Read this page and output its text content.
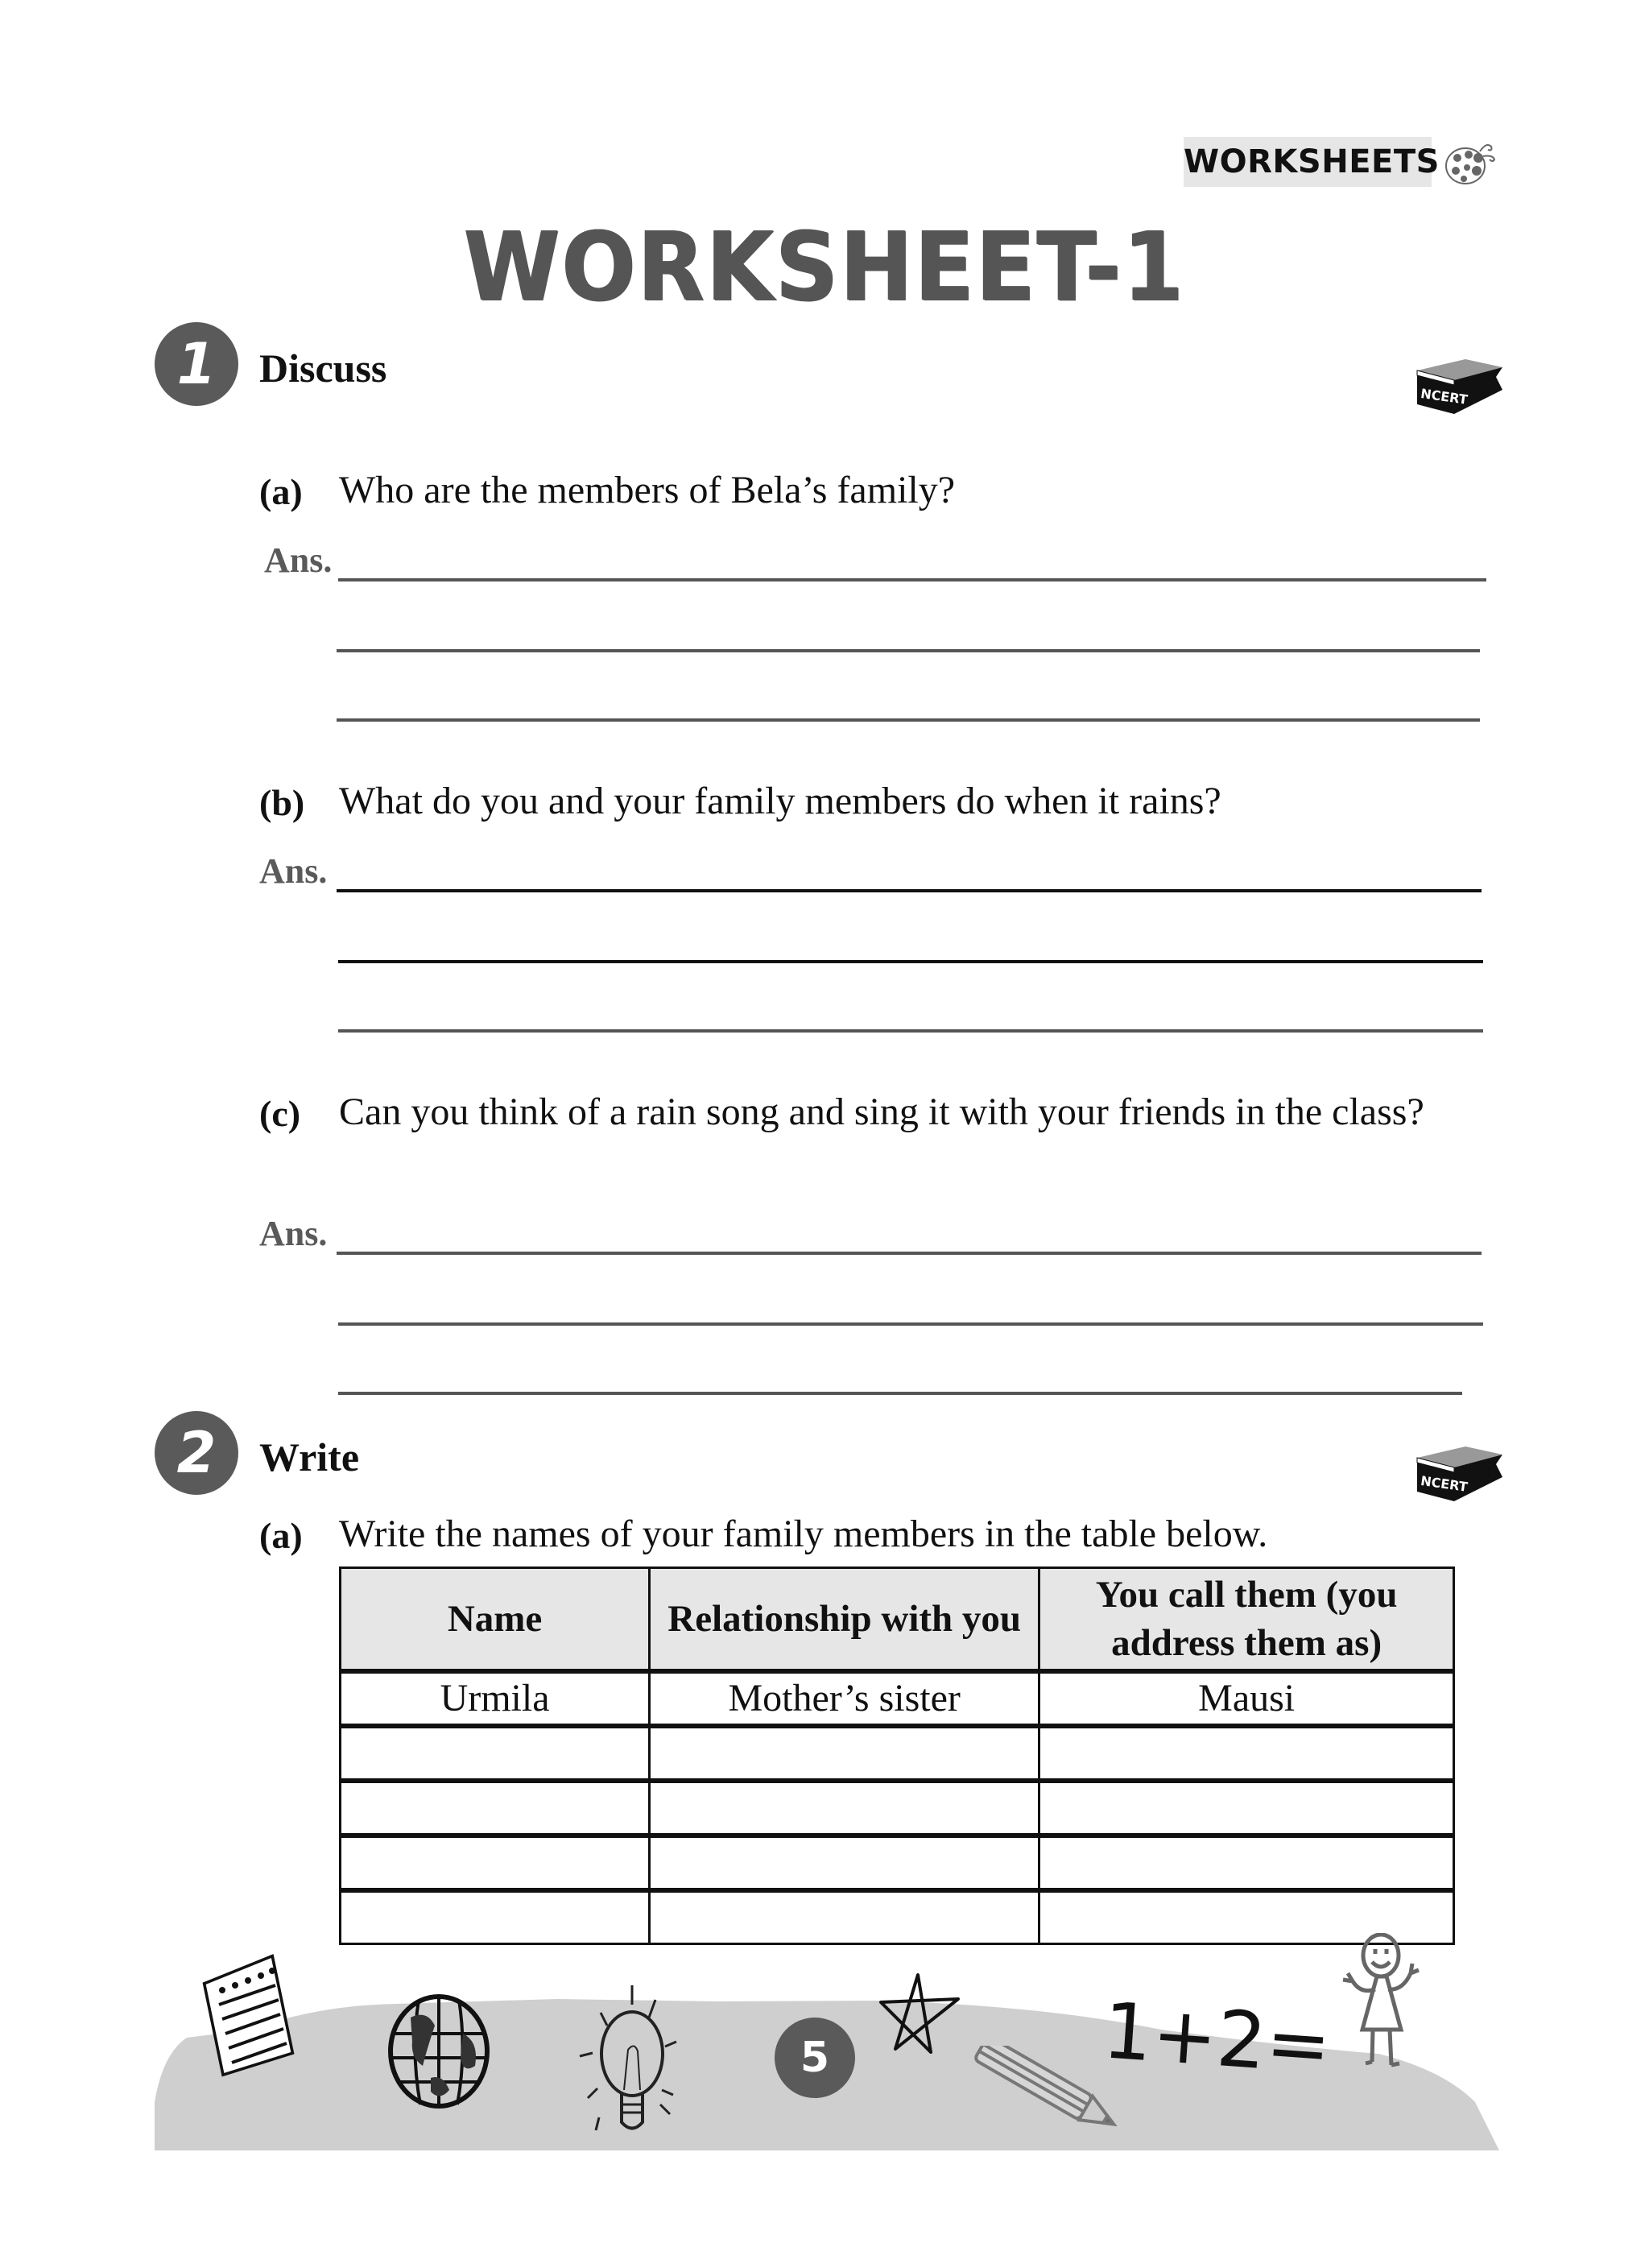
WORKSHEETS
WORKSHEET-1
1	Discuss
NCERT
(a) Who are the members of Bela’s family?
Ans.
(b) What do you and your family members do when it rains?
Ans.
(c) Can you think of a rain song and sing it with your friends in the class?
Ans.
2	Write
NCERT
(a) Write the names of your family members in the table below.
Name	Relationship with you	You call them (you address them as)
Urmila	Mother’s sister	Mausi

5	1+2=
